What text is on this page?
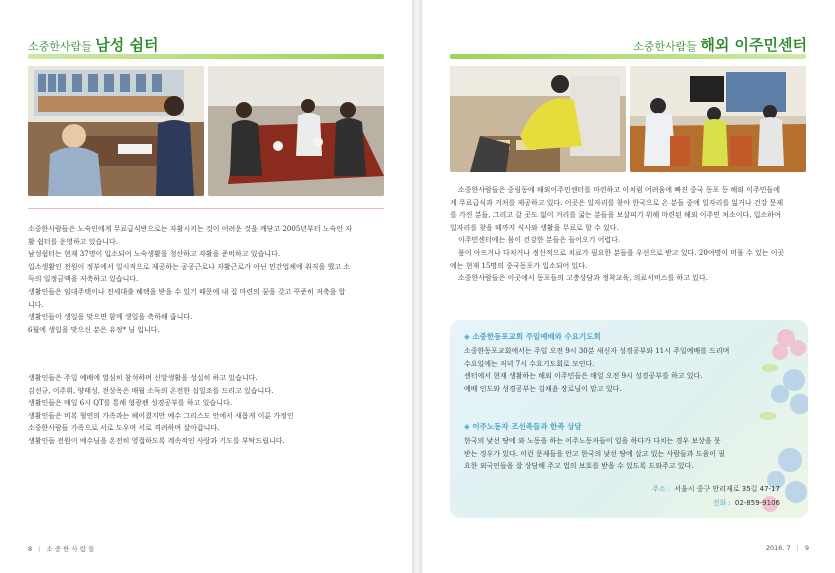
소중한사람들 남성 쉼터

소중한사람들은 노숙인에게 무료급식반으로는 자활시키는 것이 어려운 것을 깨닫고 2005년부터 노숙인 자

활 쉼터를 운영하고 있습니다.

남성쉼터는 현재 37명이 입소되어 노숙생활을 청산하고 자활을 준비하고 있습니다.

입소생활인 전원이 정부에서 일시적으로 제공하는 공공근로나 자활근로가 아닌 민간업체에 취직을 했고 소

득의 일정금액을 저축하고 있습니다.

생활인들은 임대주택이나 전세대출 혜택을 받을 수 있기 때문에 내 집 마련의 꿈을 갖고 꾸준히 저축을 합

니다.

생활인들이 생일을 맞으면 함께 생일을 축하해 줍니다.

6월에 생일을 맞으신 분은 유정* 님 입니다.

생활인들은 주일 예배에 열심히 참석하며 신앙생활을 성실히 하고 있습니다.

김선규, 이주휘, 양태성, 전상옥은 매월 소득의 온전한 십일조를 드리고 있습니다.

생활인들은 매일 6시 QT를 통해 형광펜 성경공부를 하고 있습니다.

생활인들은 비록 혈연의 가족과는 헤어졌지만 예수 그리스도 안에서 새롭게 이룬 가정인

소중한사람들 가족으로 서로 도우며 서로 격려하며 살아갑니다.

생활인들 전원이 예수님을 온전히 영접하도록 계속적인 사랑과 기도를 부탁드립니다.

8 | 소 중 한 사 람 들
소중한사람들 해외 이주민센터

소중한사람들은 중림동에 해외이주민센터를 마련하고 이처럼 어려움에 빠진 중국 동포 등 해외 이주민들에

게 무료급식과 거처를 제공하고 있다. 이곳은 일자리를 찾아 한국으로 온 분들 중에 일자리를 잃거나 건강 문제

를 가진 분들, 그리고 갈 곳도 없이 거리를 굶는 분들을 보살피기 위해 마련된 해외 이주민 처소이다. 입소하여

일자리를 찾을 때까지 식사와 생활을 무료로 할 수 있다.

이주민센터에는 몸이 건강한 분들은 들어오기 어렵다.

몸이 아프거나 다치거나 정신적으로 치료가 필요한 분들을 우선으로 받고 있다. 20여명이 머물 수 있는 이곳

에는 현재 15명의 중국동포가 입소되어 있다.

소중한사람들은 이곳에서 동포들의 고충상담과 정착교육, 의료서비스를 하고 있다.

◈ 소중한동포교회 주일예배와 수요기도회

소중한동포교회에서는 주일 오전 9시 30분 새신자 성경공부와 11시 주일예배를 드리며

수요일에는 저녁 7시 수요기도회로 모인다.

센터에서 현재 생활하는 해외 이주민들은 매일 오전 9시 성경공부를 하고 있다.

예배 인도와 성경공부는 김채윤 장로님이 맡고 있다.

◈ 이주노동자 조선족들과 한족 상담

한국의 낯선 땅에 와 노동을 하는 이주노동자들이 일을 하다가 다치는 경우 보상을 못

받는 경우가 있다. 이런 문제들을 안고 한국의 낯선 땅에 살고 있는 사람들과 도움이 필

요한 외국인들을 잘 상담해 주고 법의 보호를 받을 수 있도록 도와주고 있다.

주소 : 서울시 중구 만리재로 35길 47-17
전화 : 02-859-9106
2016. 7 | 9
